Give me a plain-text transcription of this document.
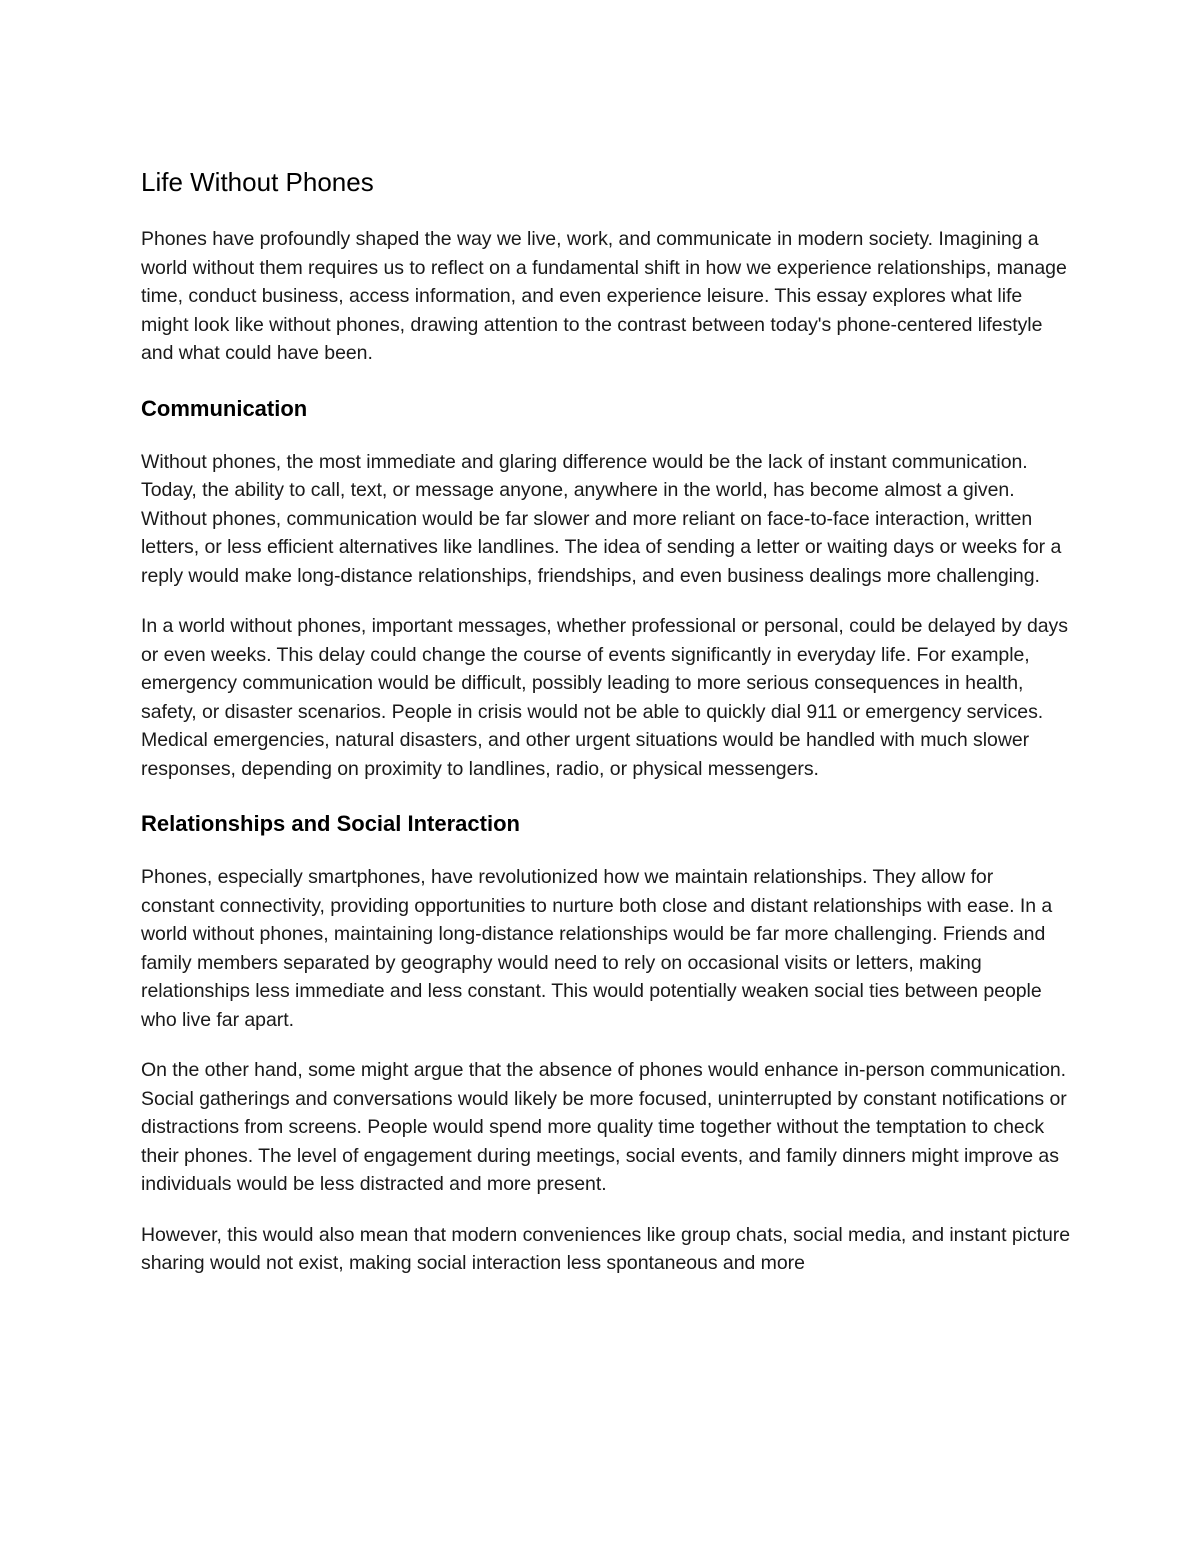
Life Without Phones

Phones have profoundly shaped the way we live, work, and communicate in modern society. Imagining a world without them requires us to reflect on a fundamental shift in how we experience relationships, manage time, conduct business, access information, and even experience leisure. This essay explores what life might look like without phones, drawing attention to the contrast between today's phone-centered lifestyle and what could have been.

Communication

Without phones, the most immediate and glaring difference would be the lack of instant communication. Today, the ability to call, text, or message anyone, anywhere in the world, has become almost a given. Without phones, communication would be far slower and more reliant on face-to-face interaction, written letters, or less efficient alternatives like landlines. The idea of sending a letter or waiting days or weeks for a reply would make long-distance relationships, friendships, and even business dealings more challenging.

In a world without phones, important messages, whether professional or personal, could be delayed by days or even weeks. This delay could change the course of events significantly in everyday life. For example, emergency communication would be difficult, possibly leading to more serious consequences in health, safety, or disaster scenarios. People in crisis would not be able to quickly dial 911 or emergency services. Medical emergencies, natural disasters, and other urgent situations would be handled with much slower responses, depending on proximity to landlines, radio, or physical messengers.

Relationships and Social Interaction

Phones, especially smartphones, have revolutionized how we maintain relationships. They allow for constant connectivity, providing opportunities to nurture both close and distant relationships with ease. In a world without phones, maintaining long-distance relationships would be far more challenging. Friends and family members separated by geography would need to rely on occasional visits or letters, making relationships less immediate and less constant. This would potentially weaken social ties between people who live far apart.

On the other hand, some might argue that the absence of phones would enhance in-person communication. Social gatherings and conversations would likely be more focused, uninterrupted by constant notifications or distractions from screens. People would spend more quality time together without the temptation to check their phones. The level of engagement during meetings, social events, and family dinners might improve as individuals would be less distracted and more present.

However, this would also mean that modern conveniences like group chats, social media, and instant picture sharing would not exist, making social interaction less spontaneous and more
